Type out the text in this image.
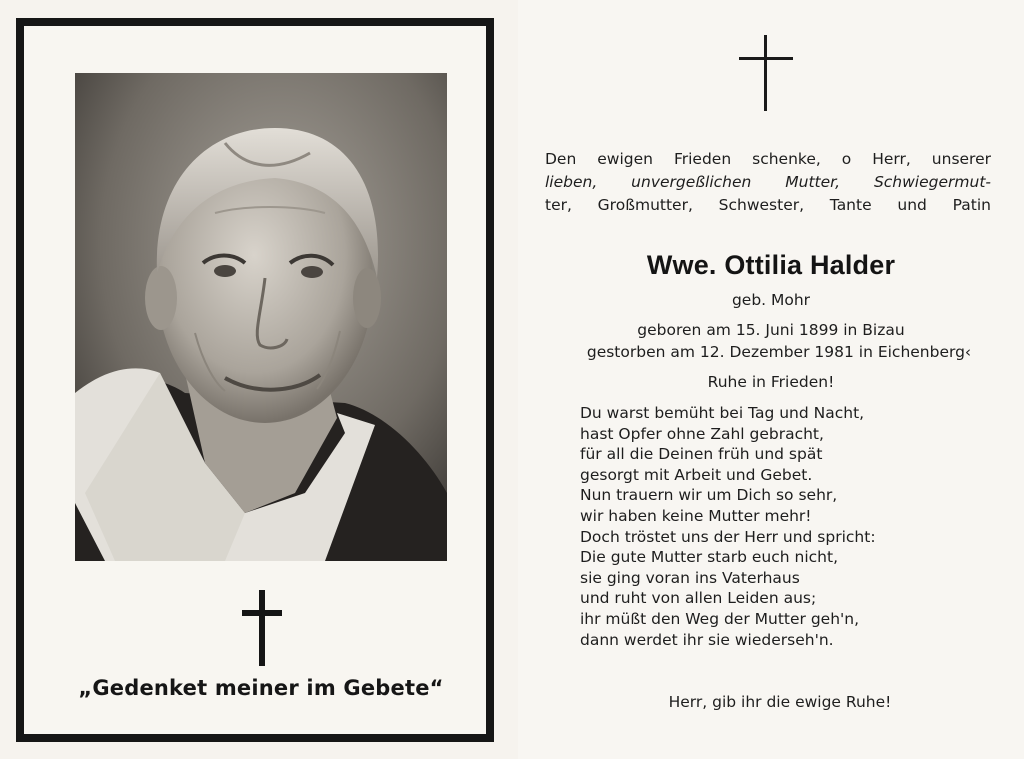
„Gedenket meiner im Gebete“
Den ewigen Frieden schenke, o Herr, unserer
lieben, unvergeßlichen Mutter, Schwiegermut-
ter, Großmutter, Schwester, Tante und Patin
Wwe. Ottilia Halder
geb. Mohr
geboren am 15. Juni 1899 in Bizau
gestorben am 12. Dezember 1981 in Eichenberg‹
Ruhe in Frieden!
Du warst bemüht bei Tag und Nacht,
hast Opfer ohne Zahl gebracht,
für all die Deinen früh und spät
gesorgt mit Arbeit und Gebet.
Nun trauern wir um Dich so sehr,
wir haben keine Mutter mehr!
Doch tröstet uns der Herr und spricht:
Die gute Mutter starb euch nicht,
sie ging voran ins Vaterhaus
und ruht von allen Leiden aus;
ihr müßt den Weg der Mutter geh'n,
dann werdet ihr sie wiederseh'n.
Herr, gib ihr die ewige Ruhe!
